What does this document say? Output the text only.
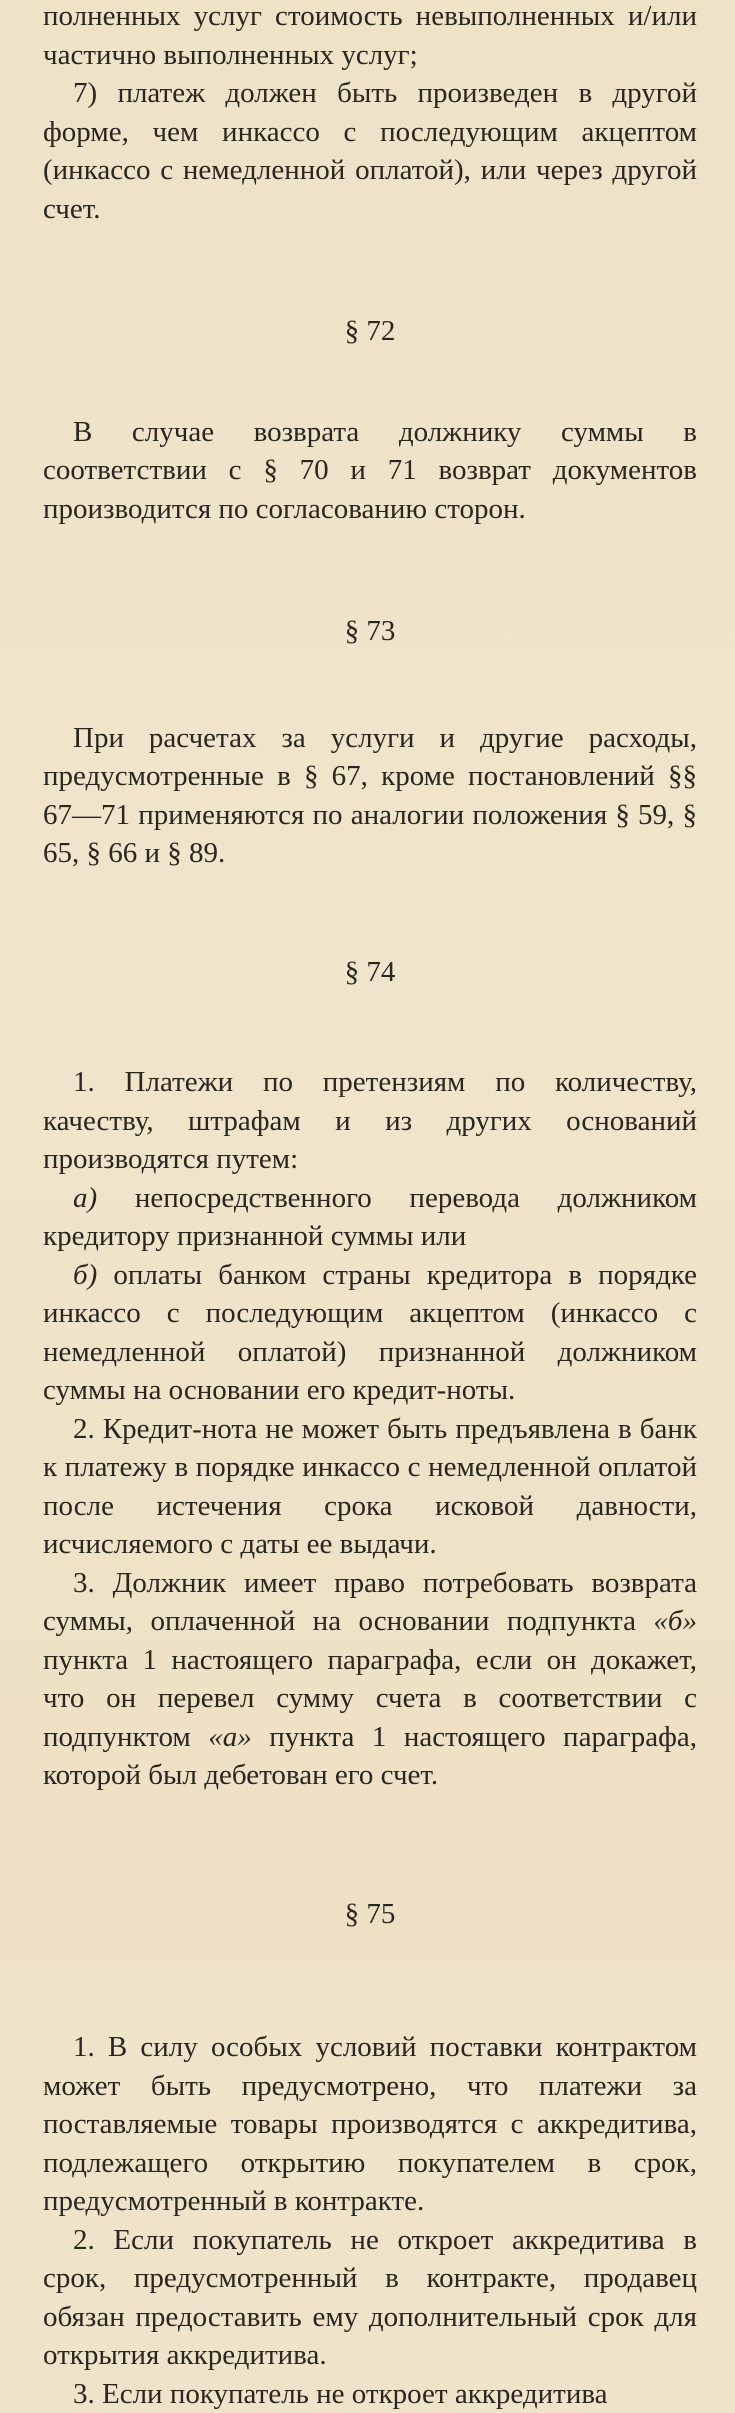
полненных услуг стоимость невыполненных и/или частично выполненных услуг;

7) платеж должен быть произведен в другой форме, чем инкассо с последующим акцептом (инкассо с немедленной оплатой), или через другой счет.

§ 72

В случае возврата должнику суммы в соответствии с § 70 и 71 возврат документов производится по согласованию сторон.

§ 73

При расчетах за услуги и другие расходы, предусмотренные в § 67, кроме постановлений §§ 67—71 применяются по аналогии положения § 59, § 65, § 66 и § 89.

§ 74

1. Платежи по претензиям по количеству, качеству, штрафам и из других оснований производятся путем:

а) непосредственного перевода должником кредитору признанной суммы или

б) оплаты банком страны кредитора в порядке инкассо с последующим акцептом (инкассо с немедленной оплатой) признанной должником суммы на основании его кредит-ноты.

2. Кредит-нота не может быть предъявлена в банк к платежу в порядке инкассо с немедленной оплатой после истечения срока исковой давности, исчисляемого с даты ее выдачи.

3. Должник имеет право потребовать возврата суммы, оплаченной на основании подпункта «б» пункта 1 настоящего параграфа, если он докажет, что он перевел сумму счета в соответствии с подпунктом «а» пункта 1 настоящего параграфа, которой был дебетован его счет.

§ 75

1. В силу особых условий поставки контрактом может быть предусмотрено, что платежи за поставляемые товары производятся с аккредитива, подлежащего открытию покупателем в срок, предусмотренный в контракте.

2. Если покупатель не откроет аккредитива в срок, предусмотренный в контракте, продавец обязан предоставить ему дополнительный срок для открытия аккредитива.

3. Если покупатель не откроет аккредитива
